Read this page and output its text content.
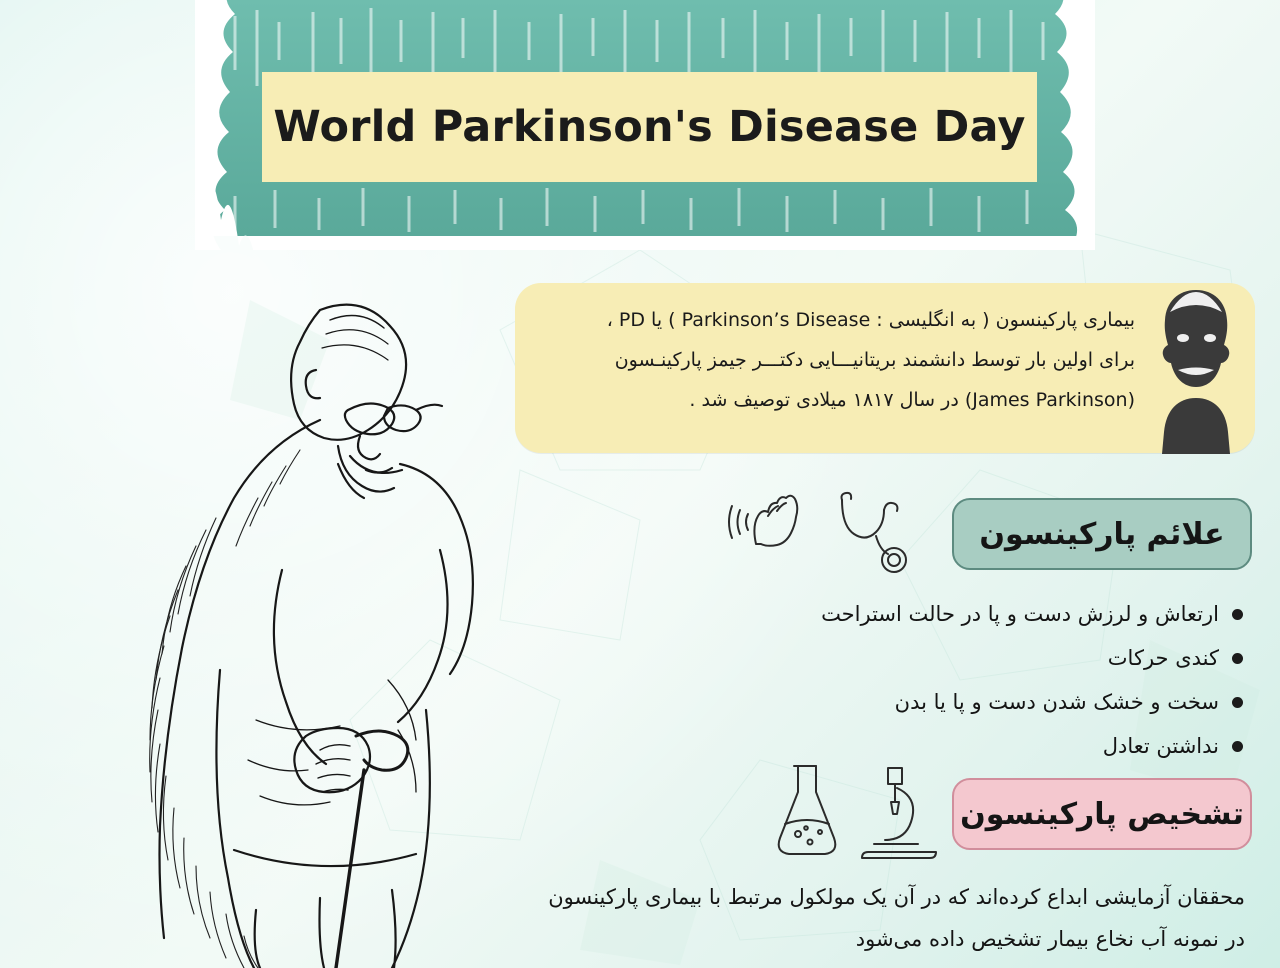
World Parkinson's Disease Day

بیماری پارکینسون ( به انگلیسی : Parkinson’s Disease ) یا PD ،

برای اولین بار توسط دانشمند بریتانیـــایی دکتـــر جیمز پارکینـسون

(James Parkinson) در سال ۱۸۱۷ میلادی توصیف شد .

علائم پارکینسون
ارتعاش و لرزش دست و پا در حالت استراحت
کندی حرکات
سخت و خشک شدن دست و پا یا بدن
نداشتن تعادل
تشخیص پارکینسون

محققان آزمایشی ابداع کرده‌اند که در آن یک مولکول مرتبط با بیماری پارکینسون

در نمونه آب نخاع بیمار تشخیص داده می‌شود
